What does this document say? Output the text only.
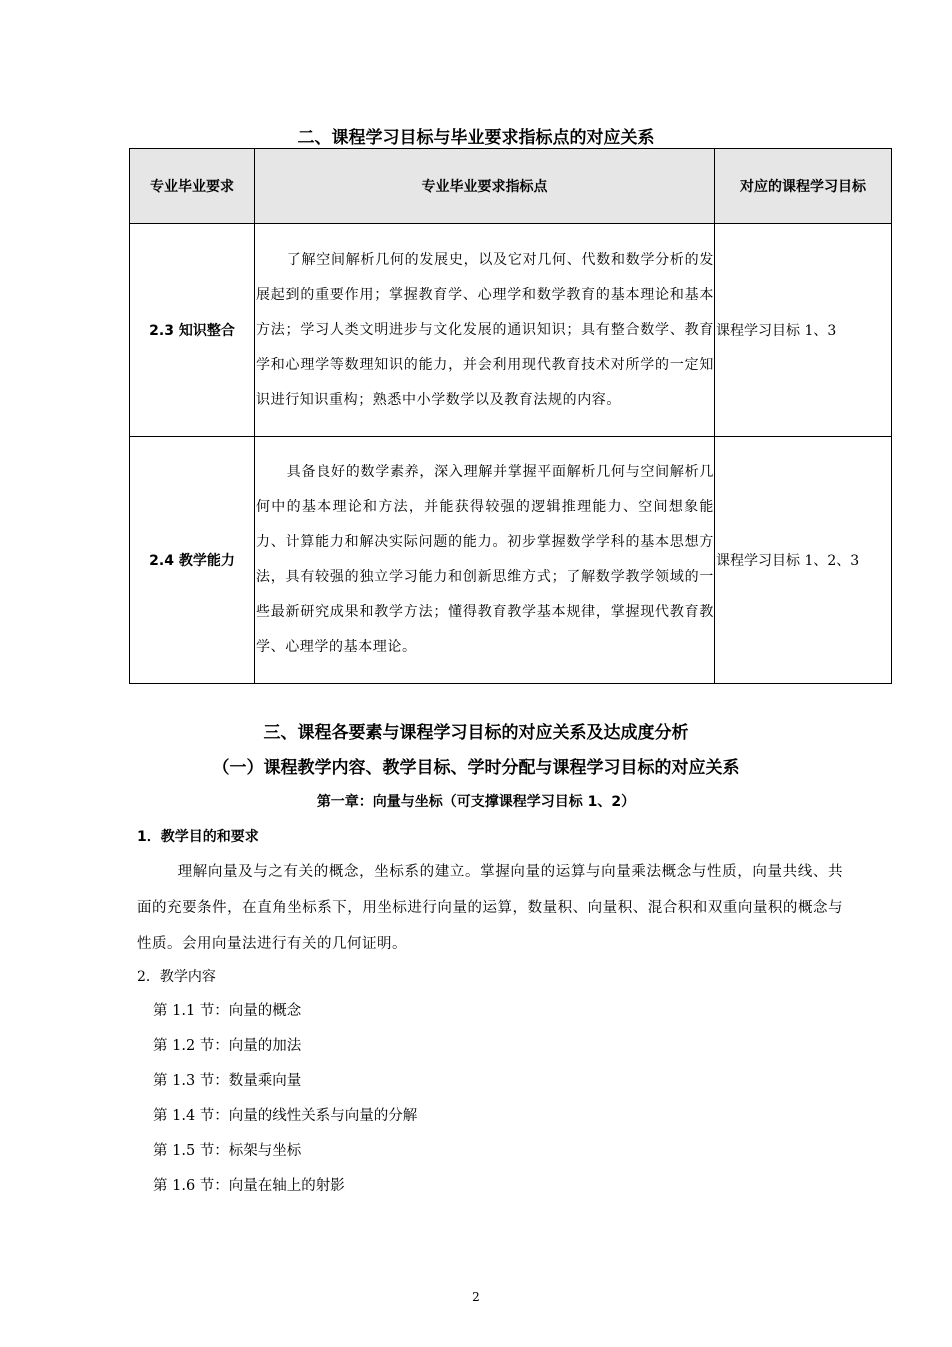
二、课程学习目标与毕业要求指标点的对应关系
专业毕业要求	专业毕业要求指标点	对应的课程学习目标
2.3 知识整合	了解空间解析几何的发展史，以及它对几何、代数和数学分析的发展起到的重要作用；掌握教育学、心理学和数学教育的基本理论和基本方法；学习人类文明进步与文化发展的通识知识；具有整合数学、教育学和心理学等数理知识的能力，并会利用现代教育技术对所学的一定知识进行知识重构；熟悉中小学数学以及教育法规的内容。	课程学习目标 1、3
2.4 教学能力	具备良好的数学素养，深入理解并掌握平面解析几何与空间解析几何中的基本理论和方法，并能获得较强的逻辑推理能力、空间想象能力、计算能力和解决实际问题的能力。初步掌握数学学科的基本思想方法，具有较强的独立学习能力和创新思维方式；了解数学教学领域的一些最新研究成果和教学方法；懂得教育教学基本规律，掌握现代教育教学、心理学的基本理论。	课程学习目标 1、2、3
三、课程各要素与课程学习目标的对应关系及达成度分析
（一）课程教学内容、教学目标、学时分配与课程学习目标的对应关系
第一章：向量与坐标（可支撑课程学习目标 1、2）
1．教学目的和要求
理解向量及与之有关的概念，坐标系的建立。掌握向量的运算与向量乘法概念与性质，向量共线、共面的充要条件，在直角坐标系下，用坐标进行向量的运算，数量积、向量积、混合积和双重向量积的概念与性质。会用向量法进行有关的几何证明。
2．教学内容
第 1.1 节：向量的概念
第 1.2 节：向量的加法
第 1.3 节：数量乘向量
第 1.4 节：向量的线性关系与向量的分解
第 1.5 节：标架与坐标
第 1.6 节：向量在轴上的射影
2
